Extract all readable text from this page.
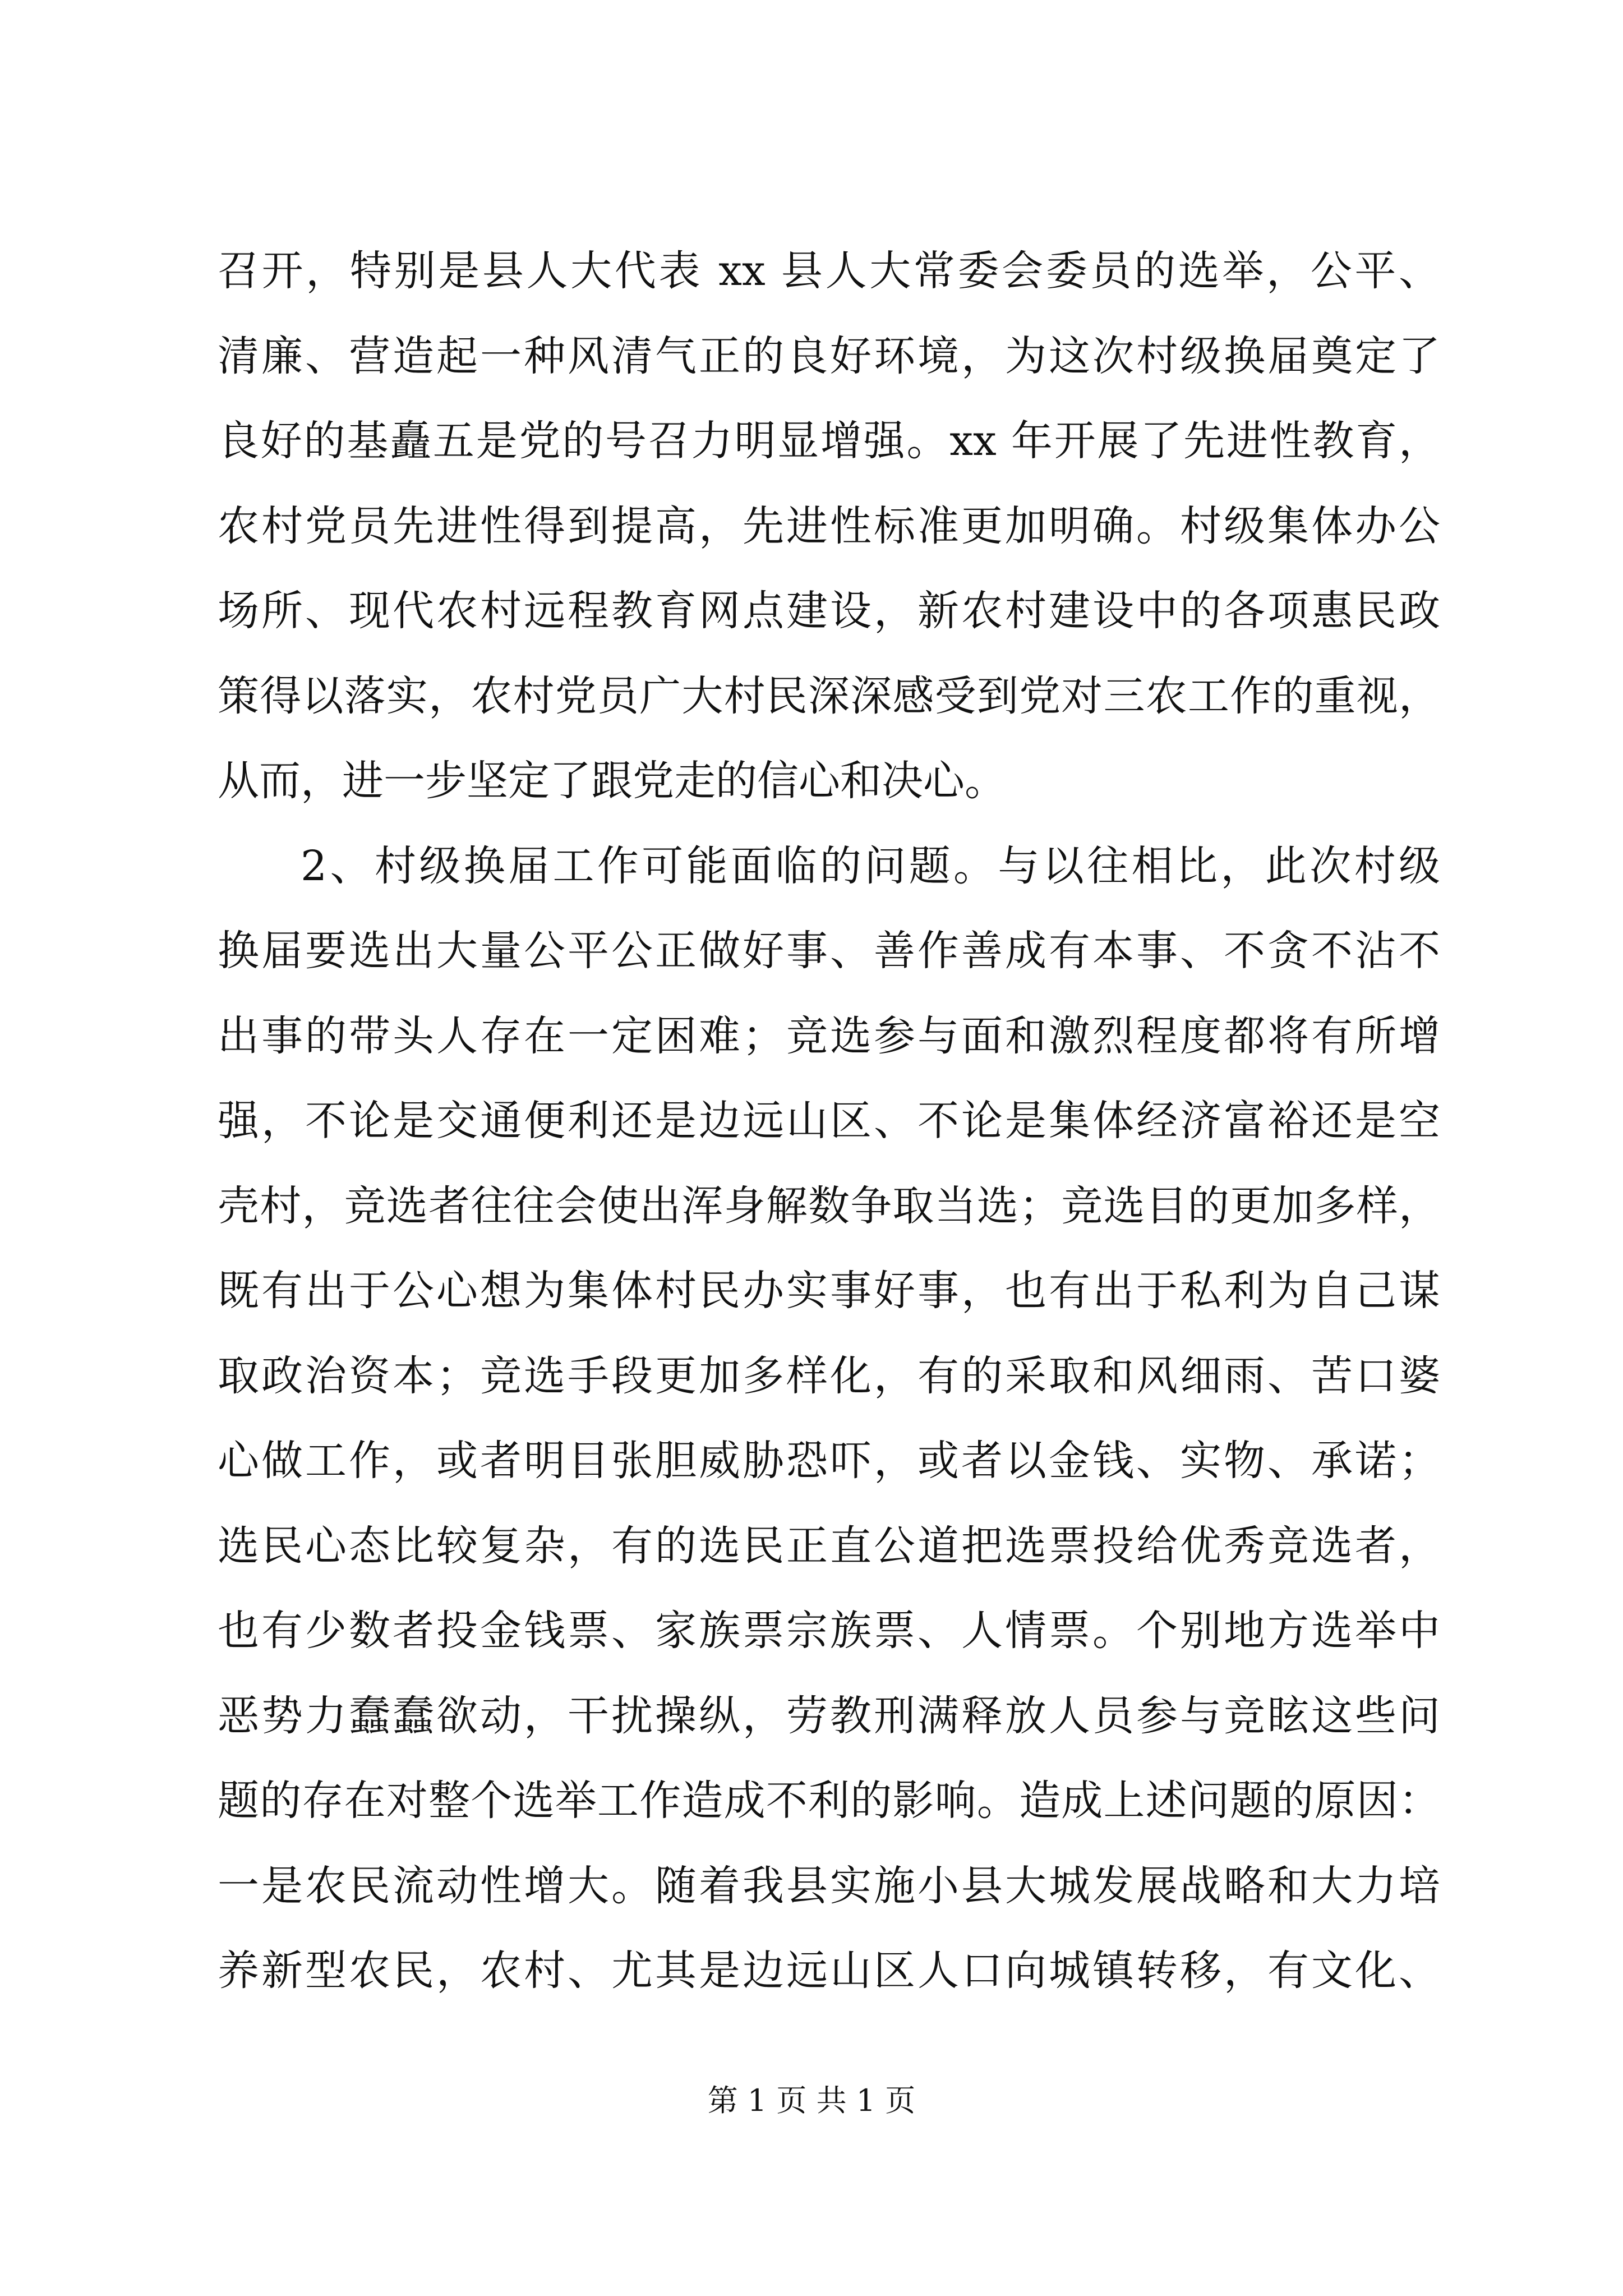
召开，特别是县人大代表 xx 县人大常委会委员的选举，公平、
清廉、营造起一种风清气正的良好环境，为这次村级换届奠定了
良好的基矗五是党的号召力明显增强。xx 年开展了先进性教育，
农村党员先进性得到提高，先进性标准更加明确。村级集体办公
场所、现代农村远程教育网点建设，新农村建设中的各项惠民政
策得以落实，农村党员广大村民深深感受到党对三农工作的重视，
从而，进一步坚定了跟党走的信心和决心。
2、村级换届工作可能面临的问题。与以往相比，此次村级
换届要选出大量公平公正做好事、善作善成有本事、不贪不沾不
出事的带头人存在一定困难；竞选参与面和激烈程度都将有所增
强，不论是交通便利还是边远山区、不论是集体经济富裕还是空
壳村，竞选者往往会使出浑身解数争取当选；竞选目的更加多样，
既有出于公心想为集体村民办实事好事，也有出于私利为自己谋
取政治资本；竞选手段更加多样化，有的采取和风细雨、苦口婆
心做工作，或者明目张胆威胁恐吓，或者以金钱、实物、承诺；
选民心态比较复杂，有的选民正直公道把选票投给优秀竞选者，
也有少数者投金钱票、家族票宗族票、人情票。个别地方选举中
恶势力蠢蠢欲动，干扰操纵，劳教刑满释放人员参与竞眩这些问
题的存在对整个选举工作造成不利的影响。造成上述问题的原因：
一是农民流动性增大。随着我县实施小县大城发展战略和大力培
养新型农民，农村、尤其是边远山区人口向城镇转移，有文化、
第 1 页 共 1 页
